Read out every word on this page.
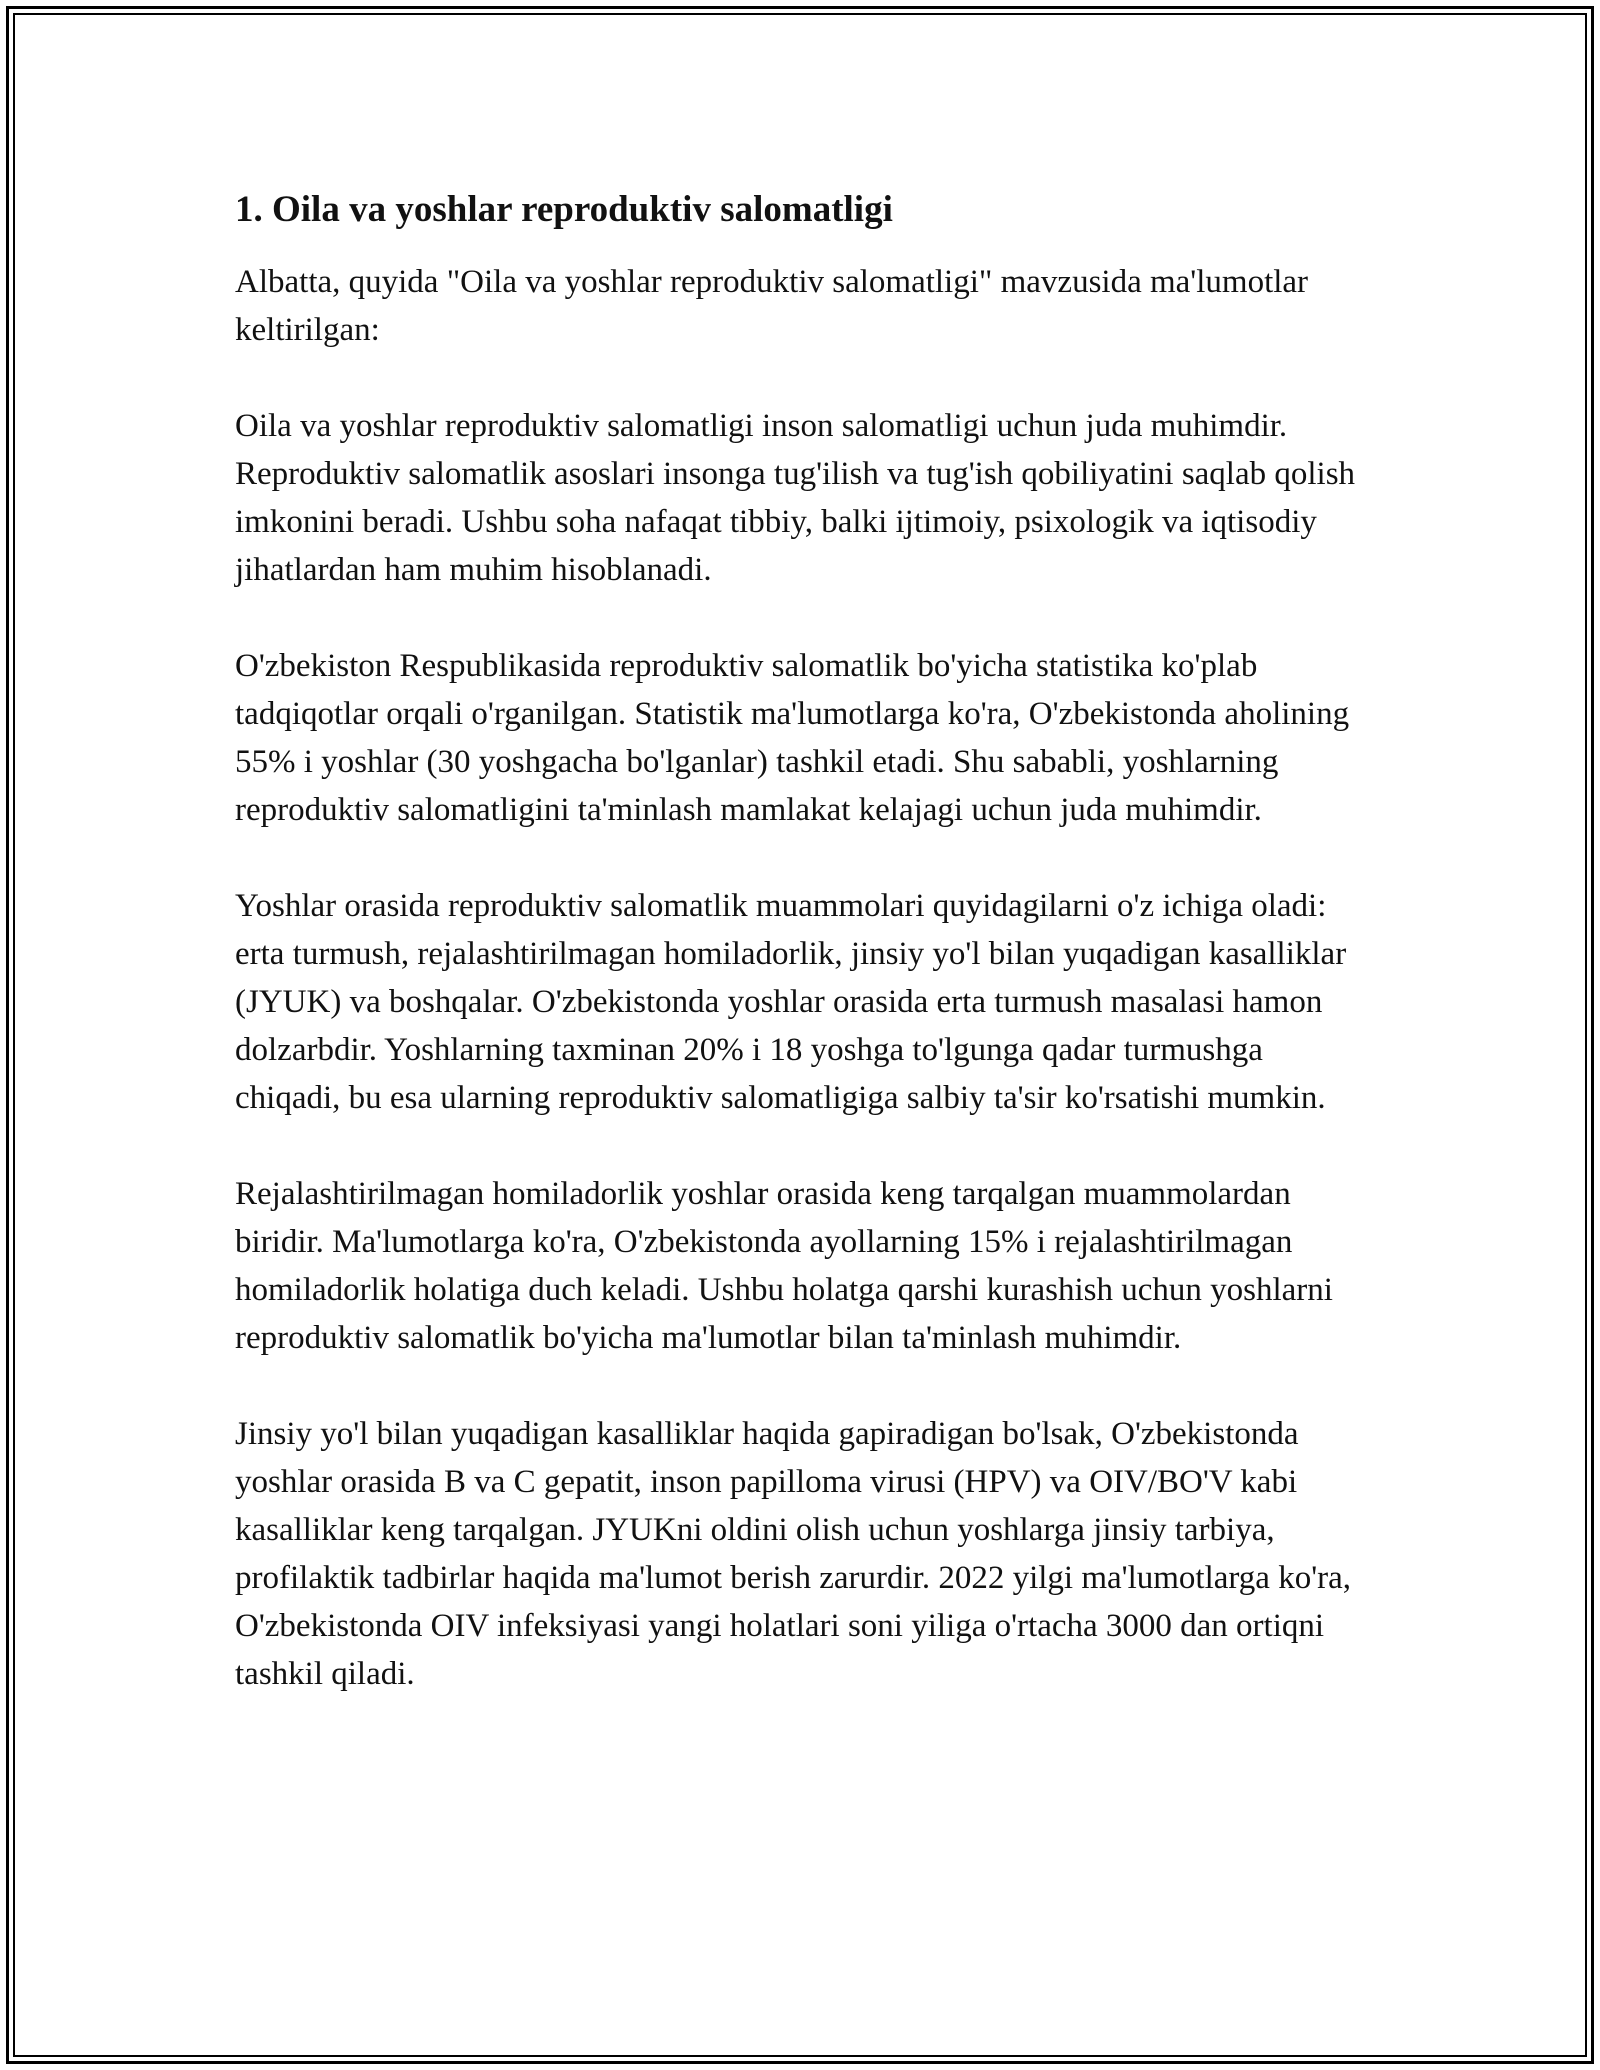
1. Oila va yoshlar reproduktiv salomatligi

Albatta, quyida "Oila va yoshlar reproduktiv salomatligi" mavzusida ma'lumotlar keltirilgan:

Oila va yoshlar reproduktiv salomatligi inson salomatligi uchun juda muhimdir. Reproduktiv salomatlik asoslari insonga tug'ilish va tug'ish qobiliyatini saqlab qolish imkonini beradi. Ushbu soha nafaqat tibbiy, balki ijtimoiy, psixologik va iqtisodiy jihatlardan ham muhim hisoblanadi.

O'zbekiston Respublikasida reproduktiv salomatlik bo'yicha statistika ko'plab tadqiqotlar orqali o'rganilgan. Statistik ma'lumotlarga ko'ra, O'zbekistonda aholining 55% i yoshlar (30 yoshgacha bo'lganlar) tashkil etadi. Shu sababli, yoshlarning reproduktiv salomatligini ta'minlash mamlakat kelajagi uchun juda muhimdir.

Yoshlar orasida reproduktiv salomatlik muammolari quyidagilarni o'z ichiga oladi: erta turmush, rejalashtirilmagan homiladorlik, jinsiy yo'l bilan yuqadigan kasalliklar (JYUK) va boshqalar. O'zbekistonda yoshlar orasida erta turmush masalasi hamon dolzarbdir. Yoshlarning taxminan 20% i 18 yoshga to'lgunga qadar turmushga chiqadi, bu esa ularning reproduktiv salomatligiga salbiy ta'sir ko'rsatishi mumkin.

Rejalashtirilmagan homiladorlik yoshlar orasida keng tarqalgan muammolardan biridir. Ma'lumotlarga ko'ra, O'zbekistonda ayollarning 15% i rejalashtirilmagan homiladorlik holatiga duch keladi. Ushbu holatga qarshi kurashish uchun yoshlarni reproduktiv salomatlik bo'yicha ma'lumotlar bilan ta'minlash muhimdir.

Jinsiy yo'l bilan yuqadigan kasalliklar haqida gapiradigan bo'lsak, O'zbekistonda yoshlar orasida B va C gepatit, inson papilloma virusi (HPV) va OIV/BO'V kabi kasalliklar keng tarqalgan. JYUKni oldini olish uchun yoshlarga jinsiy tarbiya, profilaktik tadbirlar haqida ma'lumot berish zarurdir. 2022 yilgi ma'lumotlarga ko'ra, O'zbekistonda OIV infeksiyasi yangi holatlari soni yiliga o'rtacha 3000 dan ortiqni tashkil qiladi.
